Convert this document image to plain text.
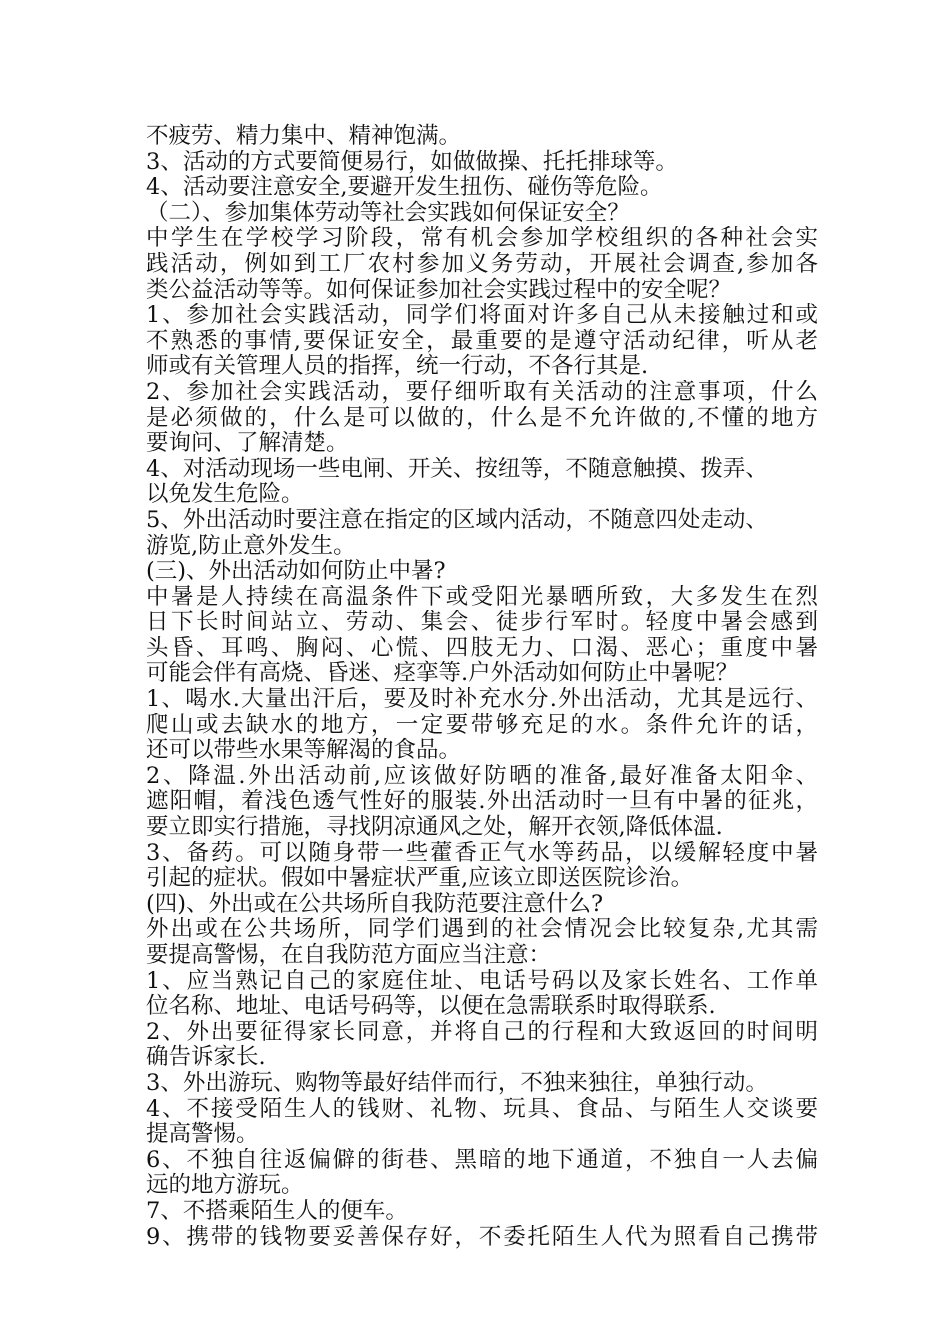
不疲劳、精力集中、精神饱满。
3、活动的方式要简便易行，如做做操、托托排球等。
4、活动要注意安全,要避开发生扭伤、碰伤等危险。
（二）、参加集体劳动等社会实践如何保证安全？
中学生在学校学习阶段，常有机会参加学校组织的各种社会实
践活动，例如到工厂农村参加义务劳动，开展社会调查,参加各
类公益活动等等。如何保证参加社会实践过程中的安全呢？
1、参加社会实践活动，同学们将面对许多自己从未接触过和或
不熟悉的事情,要保证安全，最重要的是遵守活动纪律，听从老
师或有关管理人员的指挥，统一行动，不各行其是.
2、参加社会实践活动，要仔细听取有关活动的注意事项，什么
是必须做的，什么是可以做的，什么是不允许做的,不懂的地方
要询问、了解清楚。
4、对活动现场一些电闸、开关、按纽等，不随意触摸、拨弄、
以免发生危险。
5、外出活动时要注意在指定的区域内活动，不随意四处走动、
游览,防止意外发生。
(三)、外出活动如何防止中暑?
中暑是人持续在高温条件下或受阳光暴晒所致，大多发生在烈
日下长时间站立、劳动、集会、徒步行军时。轻度中暑会感到
头昏、耳鸣、胸闷、心慌、四肢无力、口渴、恶心；重度中暑
可能会伴有高烧、昏迷、痉挛等.户外活动如何防止中暑呢？
1、喝水.大量出汗后，要及时补充水分.外出活动，尤其是远行、
爬山或去缺水的地方，一定要带够充足的水。条件允许的话，
还可以带些水果等解渴的食品。
2、降温.外出活动前,应该做好防晒的准备,最好准备太阳伞、
遮阳帽，着浅色透气性好的服装.外出活动时一旦有中暑的征兆，
要立即实行措施，寻找阴凉通风之处，解开衣领,降低体温.
3、备药。可以随身带一些藿香正气水等药品，以缓解轻度中暑
引起的症状。假如中暑症状严重,应该立即送医院诊治。
(四)、外出或在公共场所自我防范要注意什么?
外出或在公共场所，同学们遇到的社会情况会比较复杂,尤其需
要提高警惕，在自我防范方面应当注意：
1、应当熟记自己的家庭住址、电话号码以及家长姓名、工作单
位名称、地址、电话号码等，以便在急需联系时取得联系.
2、外出要征得家长同意，并将自己的行程和大致返回的时间明
确告诉家长.
3、外出游玩、购物等最好结伴而行，不独来独往，单独行动。
4、不接受陌生人的钱财、礼物、玩具、食品、与陌生人交谈要
提高警惕。
6、不独自往返偏僻的街巷、黑暗的地下通道，不独自一人去偏
远的地方游玩。
7、不搭乘陌生人的便车。
9、携带的钱物要妥善保存好，不委托陌生人代为照看自己携带
